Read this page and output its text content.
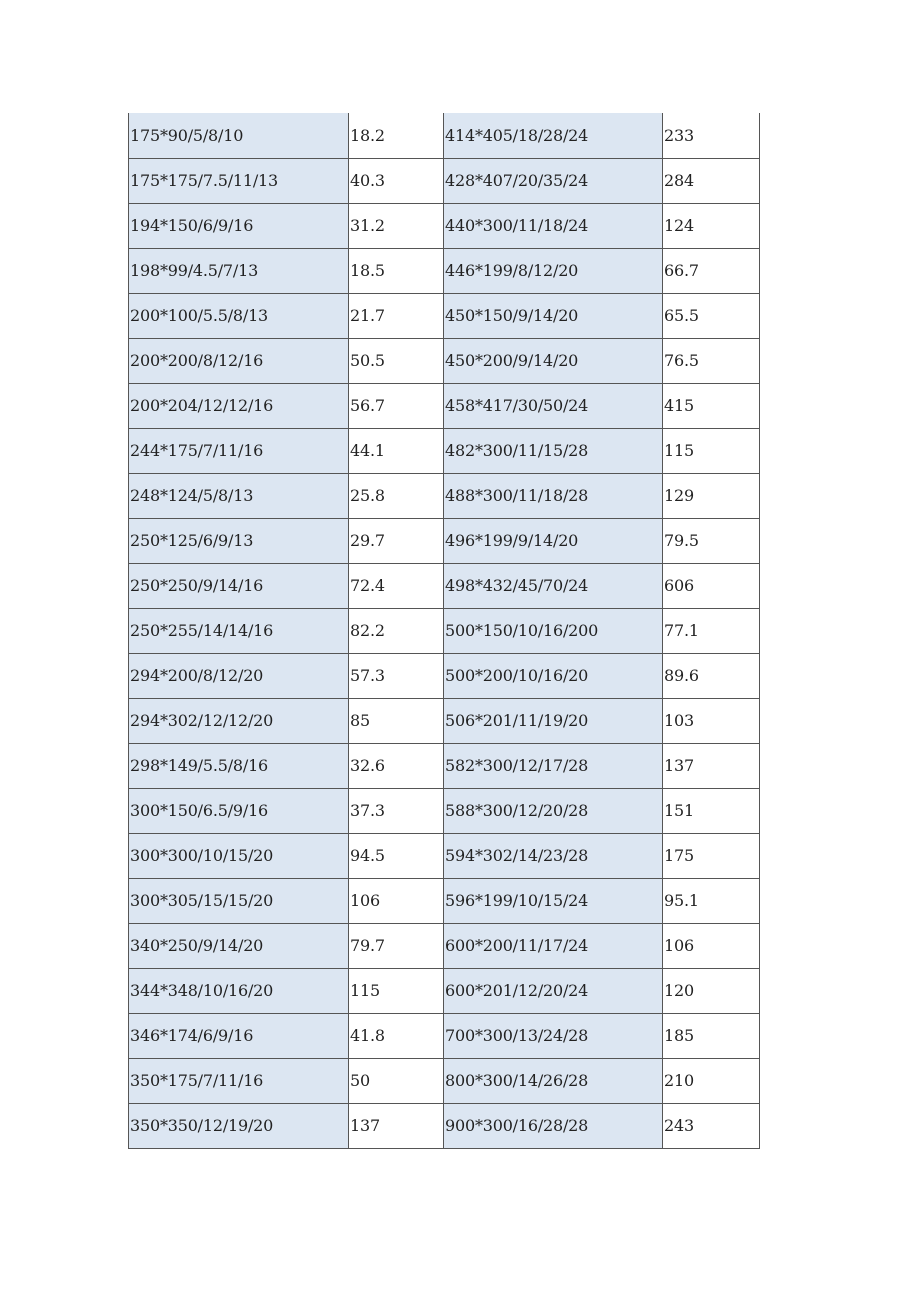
175*90/5/8/10	18.2	414*405/18/28/24	233
175*175/7.5/11/13	40.3	428*407/20/35/24	284
194*150/6/9/16	31.2	440*300/11/18/24	124
198*99/4.5/7/13	18.5	446*199/8/12/20	66.7
200*100/5.5/8/13	21.7	450*150/9/14/20	65.5
200*200/8/12/16	50.5	450*200/9/14/20	76.5
200*204/12/12/16	56.7	458*417/30/50/24	415
244*175/7/11/16	44.1	482*300/11/15/28	115
248*124/5/8/13	25.8	488*300/11/18/28	129
250*125/6/9/13	29.7	496*199/9/14/20	79.5
250*250/9/14/16	72.4	498*432/45/70/24	606
250*255/14/14/16	82.2	500*150/10/16/200	77.1
294*200/8/12/20	57.3	500*200/10/16/20	89.6
294*302/12/12/20	85	506*201/11/19/20	103
298*149/5.5/8/16	32.6	582*300/12/17/28	137
300*150/6.5/9/16	37.3	588*300/12/20/28	151
300*300/10/15/20	94.5	594*302/14/23/28	175
300*305/15/15/20	106	596*199/10/15/24	95.1
340*250/9/14/20	79.7	600*200/11/17/24	106
344*348/10/16/20	115	600*201/12/20/24	120
346*174/6/9/16	41.8	700*300/13/24/28	185
350*175/7/11/16	50	800*300/14/26/28	210
350*350/12/19/20	137	900*300/16/28/28	243
